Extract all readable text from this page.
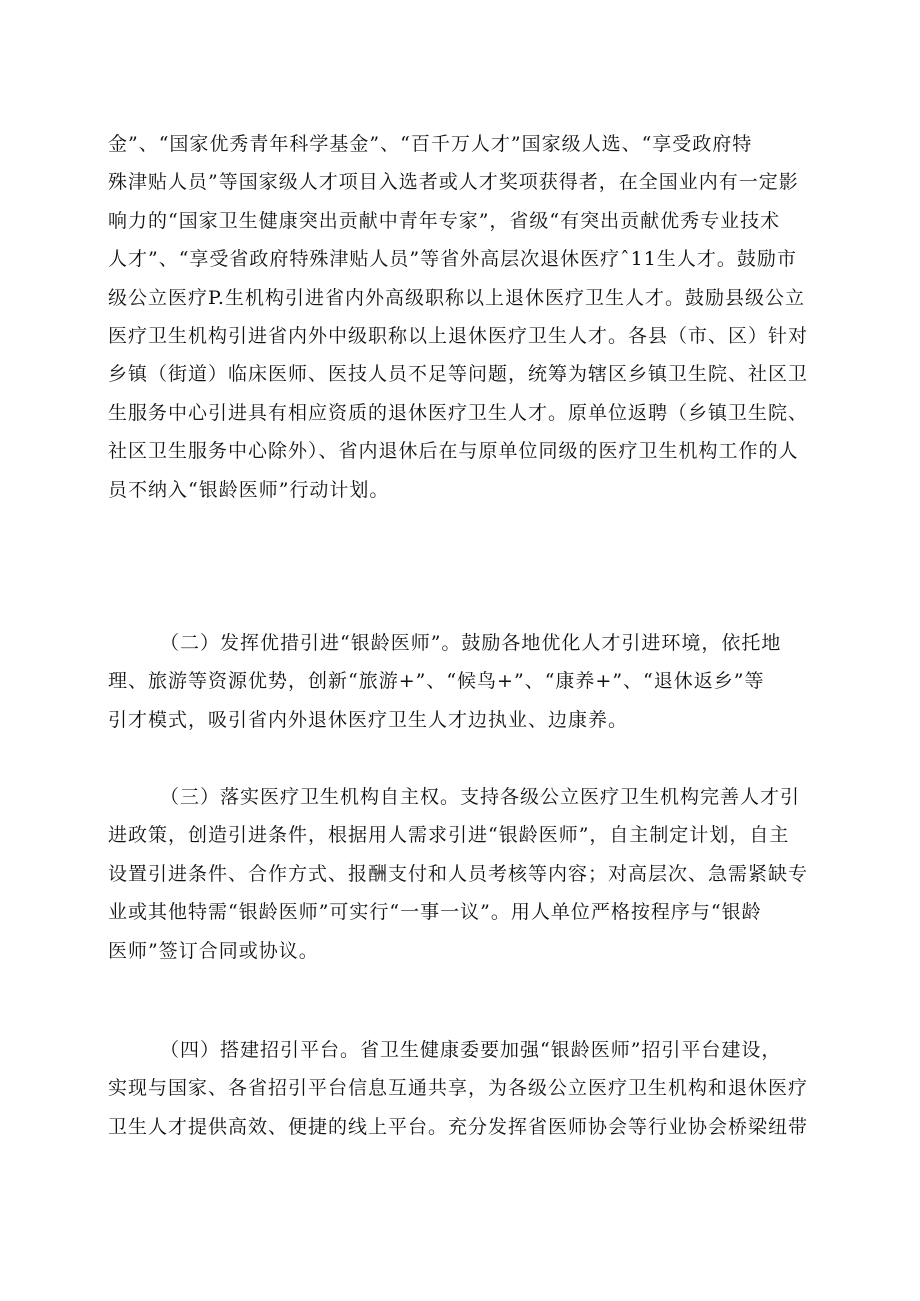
金”、“国家优秀青年科学基金”、“百千万人才”国家级人选、“享受政府特
殊津贴人员”等国家级人才项目入选者或人才奖项获得者，在全国业内有一定影
响力的“国家卫生健康突出贡献中青年专家”，省级“有突出贡献优秀专业技术
人才”、“享受省政府特殊津贴人员”等省外高层次退休医疗ˆ11生人才。鼓励市
级公立医疗P.生机构引进省内外高级职称以上退休医疗卫生人才。鼓励县级公立
医疗卫生机构引进省内外中级职称以上退休医疗卫生人才。各县（市、区）针对
乡镇（街道）临床医师、医技人员不足等问题，统筹为辖区乡镇卫生院、社区卫
生服务中心引进具有相应资质的退休医疗卫生人才。原单位返聘（乡镇卫生院、
社区卫生服务中心除外）、省内退休后在与原单位同级的医疗卫生机构工作的人
员不纳入“银龄医师”行动计划。
（二）发挥优措引进“银龄医师”。鼓励各地优化人才引进环境，依托地
理、旅游等资源优势，创新“旅游+”、“候鸟+”、“康养+”、“退休返乡”等
引才模式，吸引省内外退休医疗卫生人才边执业、边康养。
（三）落实医疗卫生机构自主权。支持各级公立医疗卫生机构完善人才引
进政策，创造引进条件，根据用人需求引进“银龄医师”，自主制定计划，自主
设置引进条件、合作方式、报酬支付和人员考核等内容；对高层次、急需紧缺专
业或其他特需“银龄医师”可实行“一事一议”。用人单位严格按程序与“银龄
医师”签订合同或协议。
（四）搭建招引平台。省卫生健康委要加强“银龄医师”招引平台建设，
实现与国家、各省招引平台信息互通共享，为各级公立医疗卫生机构和退休医疗
卫生人才提供高效、便捷的线上平台。充分发挥省医师协会等行业协会桥梁纽带
